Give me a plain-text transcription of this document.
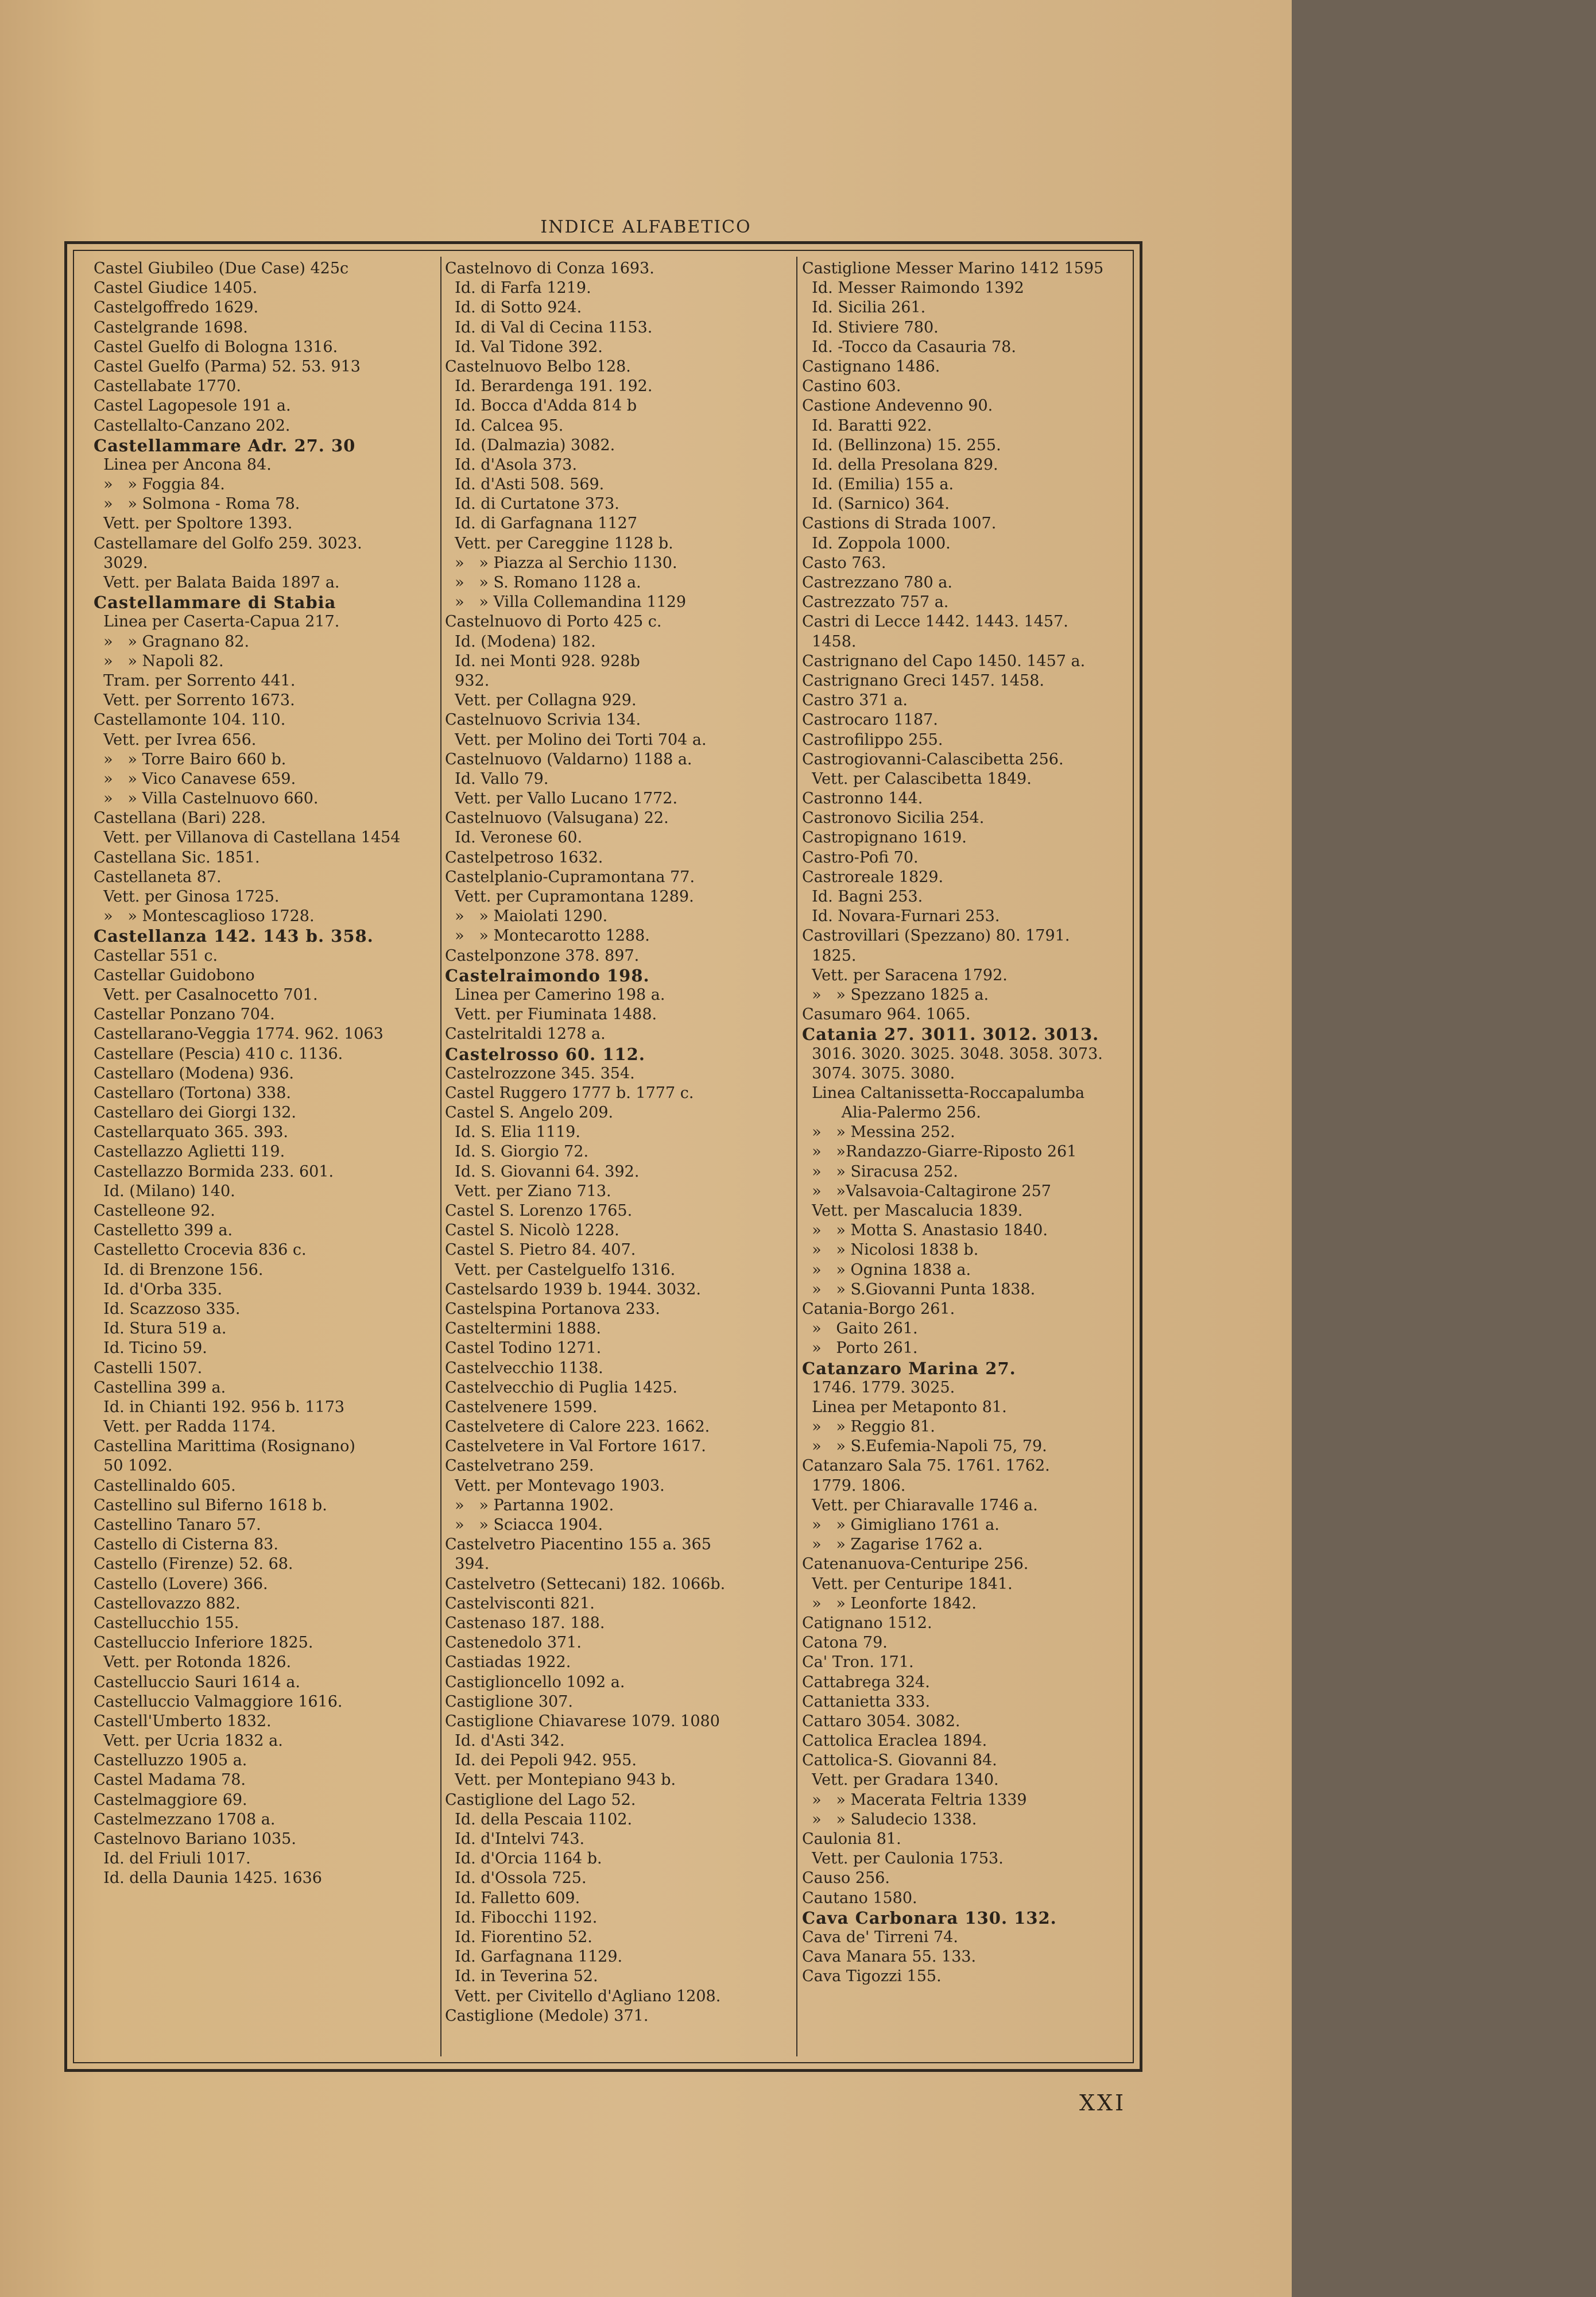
INDICE ALFABETICO
Castel Giubileo (Due Case) 425c
Castel Giudice 1405.
Castelgoffredo 1629.
Castelgrande 1698.
Castel Guelfo di Bologna 1316.
Castel Guelfo (Parma) 52. 53. 913
Castellabate 1770.
Castel Lagopesole 191 a.
Castellalto-Canzano 202.
Castellammare Adr. 27. 30
Linea per Ancona 84.
»   » Foggia 84.
»   » Solmona - Roma 78.
Vett. per Spoltore 1393.
Castellamare del Golfo 259. 3023.
3029.
Vett. per Balata Baida 1897 a.
Castellammare di Stabia
Linea per Caserta-Capua 217.
»   » Gragnano 82.
»   » Napoli 82.
Tram. per Sorrento 441.
Vett. per Sorrento 1673.
Castellamonte 104. 110.
Vett. per Ivrea 656.
»   » Torre Bairo 660 b.
»   » Vico Canavese 659.
»   » Villa Castelnuovo 660.
Castellana (Bari) 228.
Vett. per Villanova di Castellana 1454
Castellana Sic. 1851.
Castellaneta 87.
Vett. per Ginosa 1725.
»   » Montescaglioso 1728.
Castellanza 142. 143 b. 358.
Castellar 551 c.
Castellar Guidobono
Vett. per Casalnocetto 701.
Castellar Ponzano 704.
Castellarano-Veggia 1774. 962. 1063
Castellare (Pescia) 410 c. 1136.
Castellaro (Modena) 936.
Castellaro (Tortona) 338.
Castellaro dei Giorgi 132.
Castellarquato 365. 393.
Castellazzo Aglietti 119.
Castellazzo Bormida 233. 601.
Id. (Milano) 140.
Castelleone 92.
Castelletto 399 a.
Castelletto Crocevia 836 c.
Id. di Brenzone 156.
Id. d'Orba 335.
Id. Scazzoso 335.
Id. Stura 519 a.
Id. Ticino 59.
Castelli 1507.
Castellina 399 a.
Id. in Chianti 192. 956 b. 1173
Vett. per Radda 1174.
Castellina Marittima (Rosignano)
50 1092.
Castellinaldo 605.
Castellino sul Biferno 1618 b.
Castellino Tanaro 57.
Castello di Cisterna 83.
Castello (Firenze) 52. 68.
Castello (Lovere) 366.
Castellovazzo 882.
Castellucchio 155.
Castelluccio Inferiore 1825.
Vett. per Rotonda 1826.
Castelluccio Sauri 1614 a.
Castelluccio Valmaggiore 1616.
Castell'Umberto 1832.
Vett. per Ucria 1832 a.
Castelluzzo 1905 a.
Castel Madama 78.
Castelmaggiore 69.
Castelmezzano 1708 a.
Castelnovo Bariano 1035.
Id. del Friuli 1017.
Id. della Daunia 1425. 1636
Castelnovo di Conza 1693.
Id. di Farfa 1219.
Id. di Sotto 924.
Id. di Val di Cecina 1153.
Id. Val Tidone 392.
Castelnuovo Belbo 128.
Id. Berardenga 191. 192.
Id. Bocca d'Adda 814 b
Id. Calcea 95.
Id. (Dalmazia) 3082.
Id. d'Asola 373.
Id. d'Asti 508. 569.
Id. di Curtatone 373.
Id. di Garfagnana 1127
Vett. per Careggine 1128 b.
»   » Piazza al Serchio 1130.
»   » S. Romano 1128 a.
»   » Villa Collemandina 1129
Castelnuovo di Porto 425 c.
Id. (Modena) 182.
Id. nei Monti 928. 928b
932.
Vett. per Collagna 929.
Castelnuovo Scrivia 134.
Vett. per Molino dei Torti 704 a.
Castelnuovo (Valdarno) 1188 a.
Id. Vallo 79.
Vett. per Vallo Lucano 1772.
Castelnuovo (Valsugana) 22.
Id. Veronese 60.
Castelpetroso 1632.
Castelplanio-Cupramontana 77.
Vett. per Cupramontana 1289.
»   » Maiolati 1290.
»   » Montecarotto 1288.
Castelponzone 378. 897.
Castelraimondo 198.
Linea per Camerino 198 a.
Vett. per Fiuminata 1488.
Castelritaldi 1278 a.
Castelrosso 60. 112.
Castelrozzone 345. 354.
Castel Ruggero 1777 b. 1777 c.
Castel S. Angelo 209.
Id. S. Elia 1119.
Id. S. Giorgio 72.
Id. S. Giovanni 64. 392.
Vett. per Ziano 713.
Castel S. Lorenzo 1765.
Castel S. Nicolò 1228.
Castel S. Pietro 84. 407.
Vett. per Castelguelfo 1316.
Castelsardo 1939 b. 1944. 3032.
Castelspina Portanova 233.
Casteltermini 1888.
Castel Todino 1271.
Castelvecchio 1138.
Castelvecchio di Puglia 1425.
Castelvenere 1599.
Castelvetere di Calore 223. 1662.
Castelvetere in Val Fortore 1617.
Castelvetrano 259.
Vett. per Montevago 1903.
»   » Partanna 1902.
»   » Sciacca 1904.
Castelvetro Piacentino 155 a. 365
394.
Castelvetro (Settecani) 182. 1066b.
Castelvisconti 821.
Castenaso 187. 188.
Castenedolo 371.
Castiadas 1922.
Castiglioncello 1092 a.
Castiglione 307.
Castiglione Chiavarese 1079. 1080
Id. d'Asti 342.
Id. dei Pepoli 942. 955.
Vett. per Montepiano 943 b.
Castiglione del Lago 52.
Id. della Pescaia 1102.
Id. d'Intelvi 743.
Id. d'Orcia 1164 b.
Id. d'Ossola 725.
Id. Falletto 609.
Id. Fibocchi 1192.
Id. Fiorentino 52.
Id. Garfagnana 1129.
Id. in Teverina 52.
Vett. per Civitello d'Agliano 1208.
Castiglione (Medole) 371.
Castiglione Messer Marino 1412 1595
Id. Messer Raimondo 1392
Id. Sicilia 261.
Id. Stiviere 780.
Id. -Tocco da Casauria 78.
Castignano 1486.
Castino 603.
Castione Andevenno 90.
Id. Baratti 922.
Id. (Bellinzona) 15. 255.
Id. della Presolana 829.
Id. (Emilia) 155 a.
Id. (Sarnico) 364.
Castions di Strada 1007.
Id. Zoppola 1000.
Casto 763.
Castrezzano 780 a.
Castrezzato 757 a.
Castri di Lecce 1442. 1443. 1457.
1458.
Castrignano del Capo 1450. 1457 a.
Castrignano Greci 1457. 1458.
Castro 371 a.
Castrocaro 1187.
Castrofilippo 255.
Castrogiovanni-Calascibetta 256.
Vett. per Calascibetta 1849.
Castronno 144.
Castronovo Sicilia 254.
Castropignano 1619.
Castro-Pofi 70.
Castroreale 1829.
Id. Bagni 253.
Id. Novara-Furnari 253.
Castrovillari (Spezzano) 80. 1791.
1825.
Vett. per Saracena 1792.
»   » Spezzano 1825 a.
Casumaro 964. 1065.
Catania 27. 3011. 3012. 3013.
3016. 3020. 3025. 3048. 3058. 3073.
3074. 3075. 3080.
Linea Caltanissetta-Roccapalumba
Alia-Palermo 256.
»   » Messina 252.
»   »Randazzo-Giarre-Riposto 261
»   » Siracusa 252.
»   »Valsavoia-Caltagirone 257
Vett. per Mascalucia 1839.
»   » Motta S. Anastasio 1840.
»   » Nicolosi 1838 b.
»   » Ognina 1838 a.
»   » S.Giovanni Punta 1838.
Catania-Borgo 261.
»   Gaito 261.
»   Porto 261.
Catanzaro Marina 27.
1746. 1779. 3025.
Linea per Metaponto 81.
»   » Reggio 81.
»   » S.Eufemia-Napoli 75, 79.
Catanzaro Sala 75. 1761. 1762.
1779. 1806.
Vett. per Chiaravalle 1746 a.
»   » Gimigliano 1761 a.
»   » Zagarise 1762 a.
Catenanuova-Centuripe 256.
Vett. per Centuripe 1841.
»   » Leonforte 1842.
Catignano 1512.
Catona 79.
Ca' Tron. 171.
Cattabrega 324.
Cattanietta 333.
Cattaro 3054. 3082.
Cattolica Eraclea 1894.
Cattolica-S. Giovanni 84.
Vett. per Gradara 1340.
»   » Macerata Feltria 1339
»   » Saludecio 1338.
Caulonia 81.
Vett. per Caulonia 1753.
Causo 256.
Cautano 1580.
Cava Carbonara 130. 132.
Cava de' Tirreni 74.
Cava Manara 55. 133.
Cava Tigozzi 155.
XXI
